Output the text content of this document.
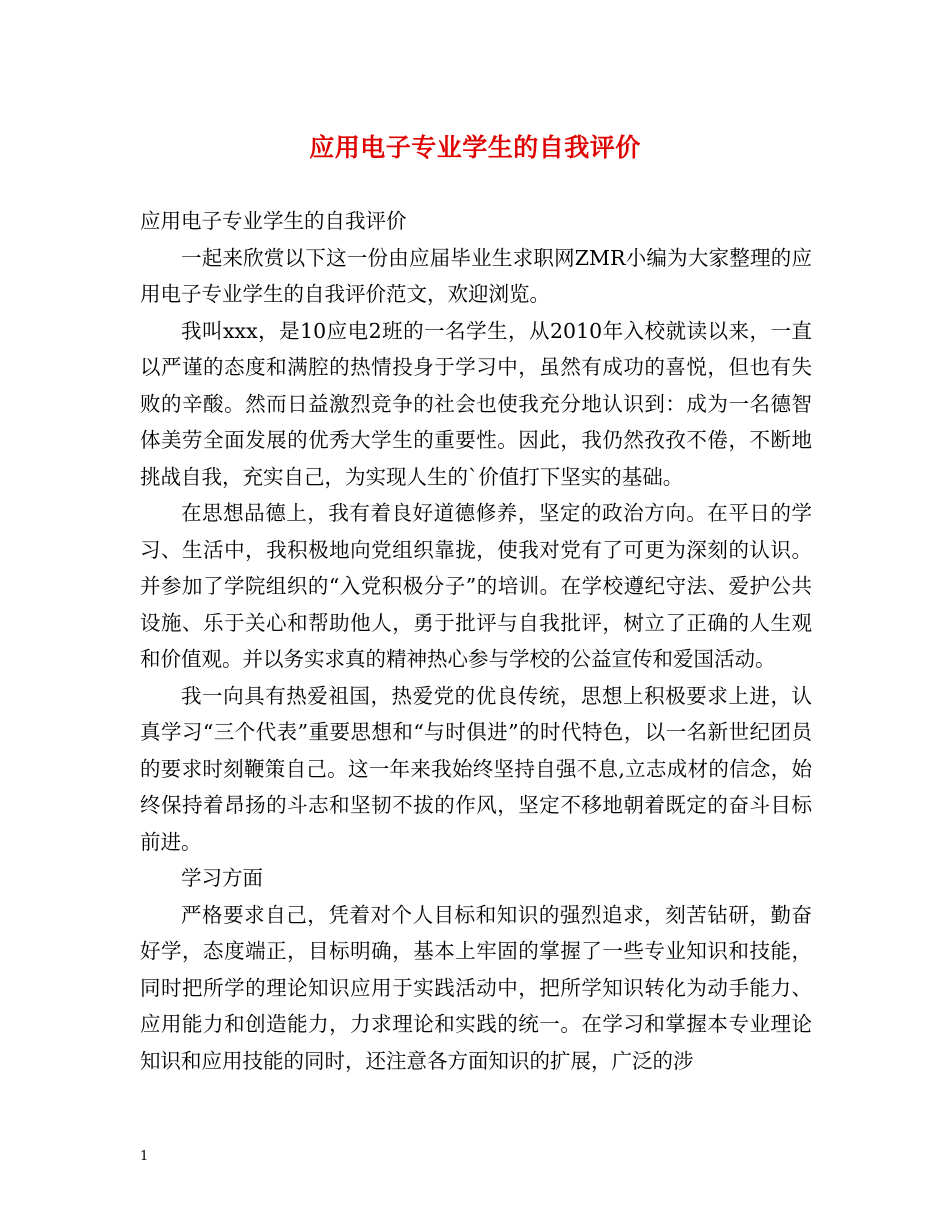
应用电子专业学生的自我评价

应用电子专业学生的自我评价

一起来欣赏以下这一份由应届毕业生求职网ZMR小编为大家整理的应用电子专业学生的自我评价范文，欢迎浏览。

我叫xxx，是10应电2班的一名学生，从2010年入校就读以来，一直以严谨的态度和满腔的热情投身于学习中，虽然有成功的喜悦，但也有失败的辛酸。然而日益激烈竞争的社会也使我充分地认识到：成为一名德智体美劳全面发展的优秀大学生的重要性。因此，我仍然孜孜不倦，不断地挑战自我，充实自己，为实现人生的`价值打下坚实的基础。

在思想品德上，我有着良好道德修养，坚定的政治方向。在平日的学习、生活中，我积极地向党组织靠拢，使我对党有了可更为深刻的认识。并参加了学院组织的“入党积极分子”的培训。在学校遵纪守法、爱护公共设施、乐于关心和帮助他人，勇于批评与自我批评，树立了正确的人生观和价值观。并以务实求真的精神热心参与学校的公益宣传和爱国活动。

我一向具有热爱祖国，热爱党的优良传统，思想上积极要求上进，认真学习“三个代表”重要思想和“与时俱进”的时代特色，以一名新世纪团员的要求时刻鞭策自己。这一年来我始终坚持自强不息,立志成材的信念，始终保持着昂扬的斗志和坚韧不拔的作风，坚定不移地朝着既定的奋斗目标前进。

学习方面

严格要求自己，凭着对个人目标和知识的强烈追求，刻苦钻研，勤奋好学，态度端正，目标明确，基本上牢固的掌握了一些专业知识和技能，同时把所学的理论知识应用于实践活动中，把所学知识转化为动手能力、应用能力和创造能力，力求理论和实践的统一。在学习和掌握本专业理论知识和应用技能的同时，还注意各方面知识的扩展，广泛的涉

1
